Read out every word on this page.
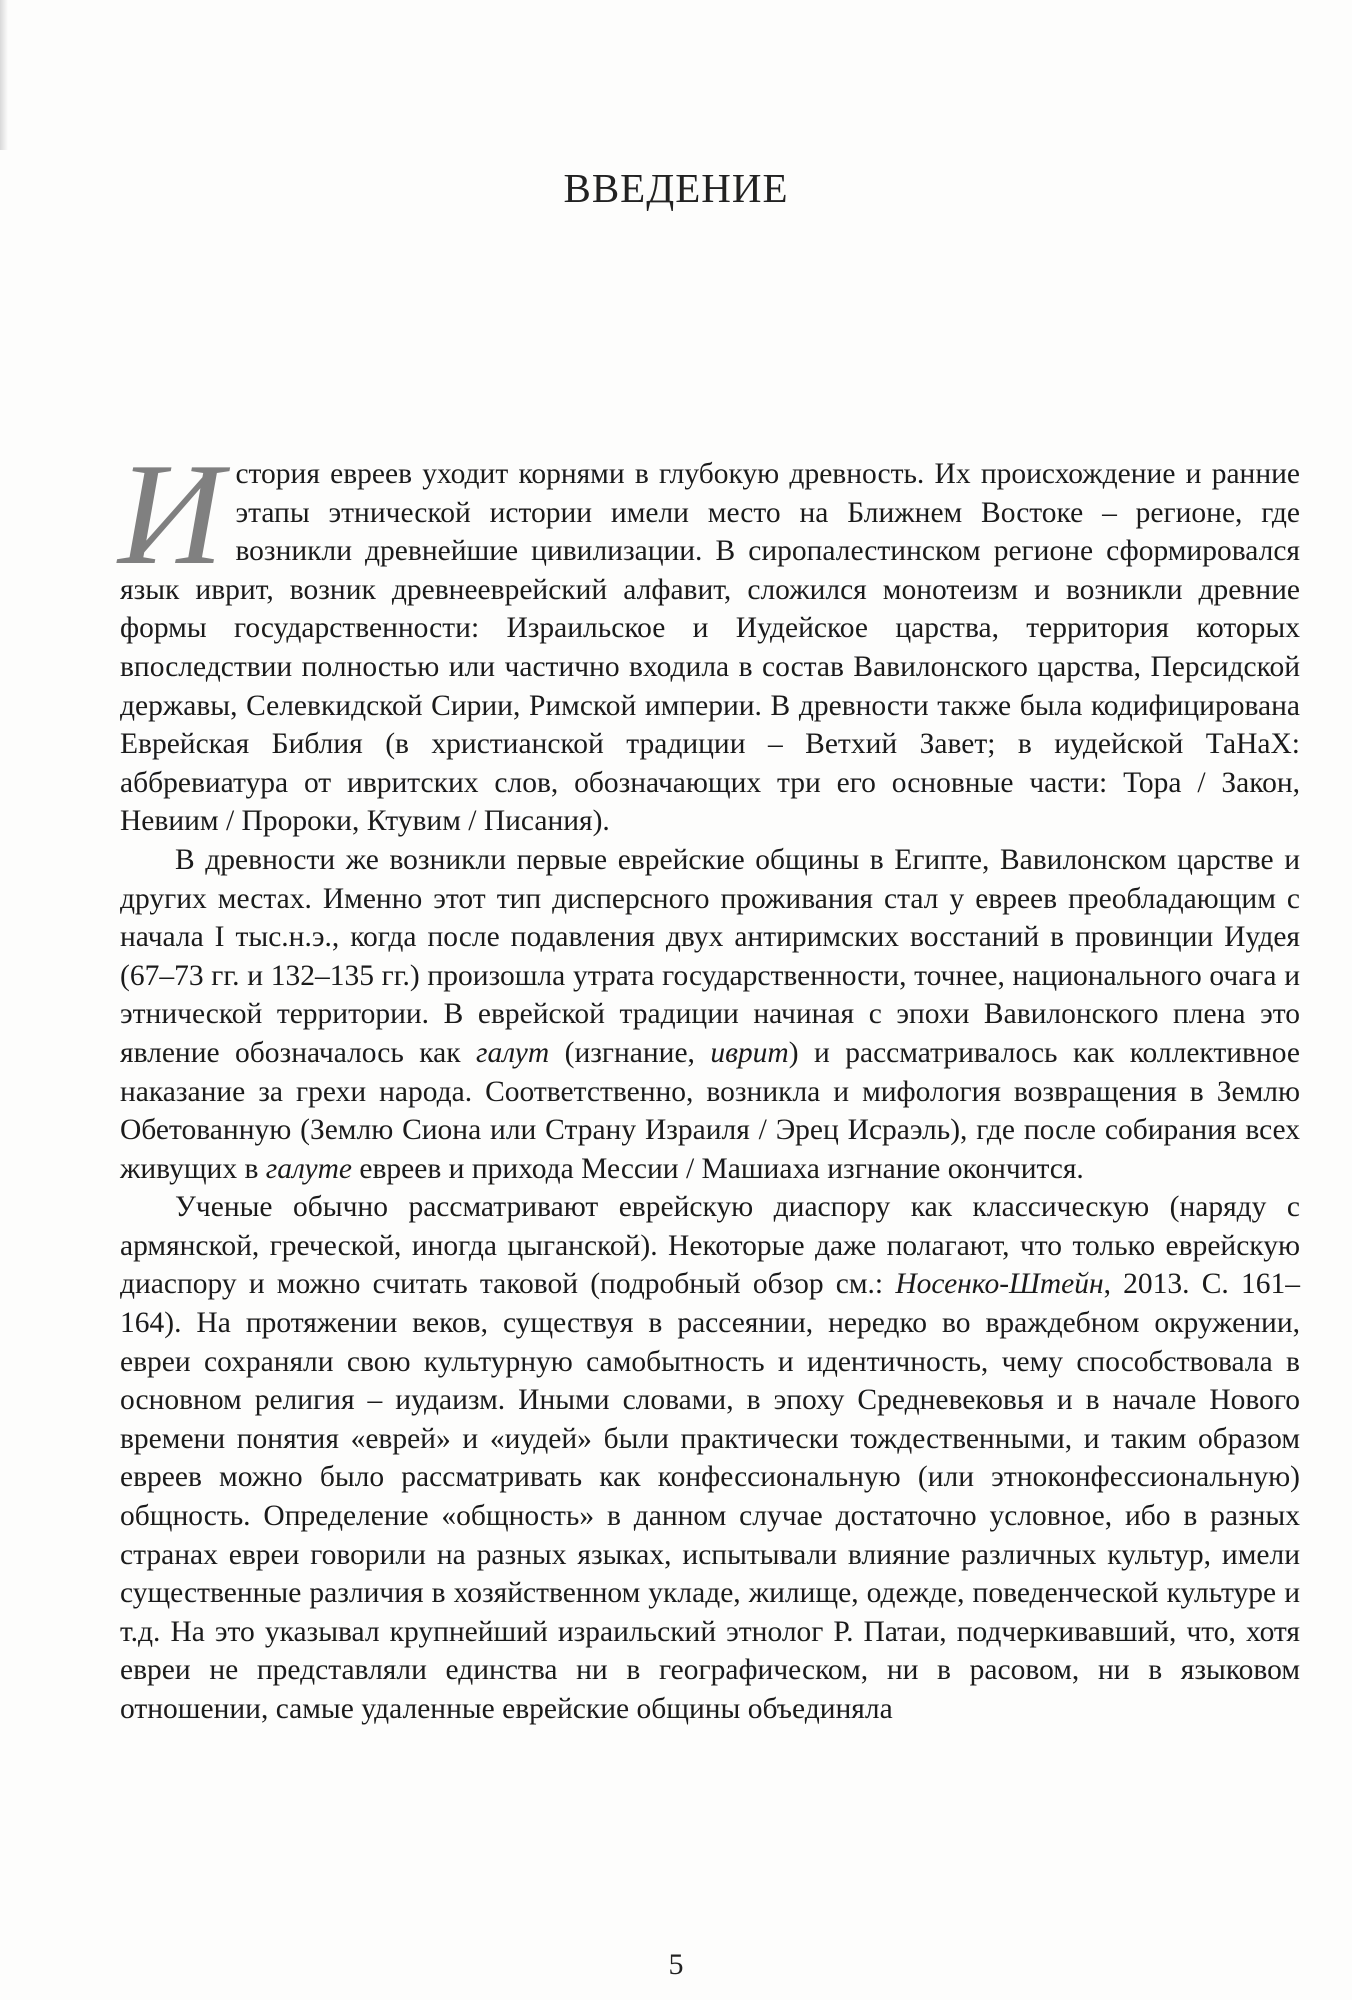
ВВЕДЕНИЕ

История евреев уходит корнями в глубокую древность. Их происхождение и ранние этапы этнической истории имели место на Ближнем Востоке – регионе, где возникли древнейшие цивилизации. В сиропалестинском регионе сформировался язык иврит, возник древнееврейский алфавит, сложился монотеизм и возникли древние формы государственности: Израильское и Иудейское царства, территория которых впоследствии полностью или частично входила в состав Вавилонского царства, Персидской державы, Селевкидской Сирии, Римской империи. В древности также была кодифицирована Еврейская Библия (в христианской традиции – Ветхий Завет; в иудейской ТаНаХ: аббревиатура от ивритских слов, обозначающих три его основные части: Тора / Закон, Невиим / Пророки, Ктувим / Писания).

В древности же возникли первые еврейские общины в Египте, Вавилонском царстве и других местах. Именно этот тип дисперсного проживания стал у евреев преобладающим с начала I тыс.н.э., когда после подавления двух антиримских восстаний в провинции Иудея (67–73 гг. и 132–135 гг.) произошла утрата государственности, точнее, национального очага и этнической территории. В еврейской традиции начиная с эпохи Вавилонского плена это явление обозначалось как галут (изгнание, иврит) и рассматривалось как коллективное наказание за грехи народа. Соответственно, возникла и мифология возвращения в Землю Обетованную (Землю Сиона или Страну Израиля / Эрец Исраэль), где после собирания всех живущих в галуте евреев и прихода Мессии / Машиаха изгнание окончится.

Ученые обычно рассматривают еврейскую диаспору как классическую (наряду с армянской, греческой, иногда цыганской). Некоторые даже полагают, что только еврейскую диаспору и можно считать таковой (подробный обзор см.: Носенко-Штейн, 2013. С. 161–164). На протяжении веков, существуя в рассеянии, нередко во враждебном окружении, евреи сохраняли свою культурную самобытность и идентичность, чему способствовала в основном религия – иудаизм. Иными словами, в эпоху Средневековья и в начале Нового времени понятия «еврей» и «иудей» были практически тождественными, и таким образом евреев можно было рассматривать как конфессиональную (или этноконфессиональную) общность. Определение «общность» в данном случае достаточно условное, ибо в разных странах евреи говорили на разных языках, испытывали влияние различных культур, имели существенные различия в хозяйственном укладе, жилище, одежде, поведенческой культуре и т.д. На это указывал крупнейший израильский этнолог Р. Патаи, подчеркивавший, что, хотя евреи не представляли единства ни в географическом, ни в расовом, ни в языковом отношении, самые удаленные еврейские общины объединяла

5
